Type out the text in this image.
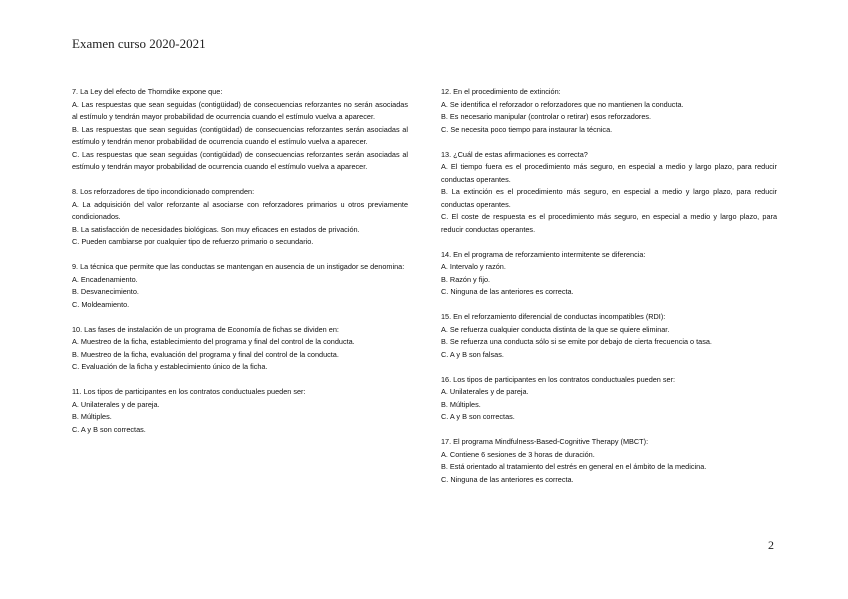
Examen curso 2020-2021

7. La Ley del efecto de Thorndike expone que:

A. Las respuestas que sean seguidas (contigüidad) de consecuencias reforzantes no serán asociadas al estímulo y tendrán mayor probabilidad de ocurrencia cuando el estímulo vuelva a aparecer.

B. Las respuestas que sean seguidas (contigüidad) de consecuencias reforzantes serán asociadas al estímulo y tendrán menor probabilidad de ocurrencia cuando el estímulo vuelva a aparecer.

C. Las respuestas que sean seguidas (contigüidad) de consecuencias reforzantes serán asociadas al estímulo y tendrán mayor probabilidad de ocurrencia cuando el estímulo vuelva a aparecer.

8. Los reforzadores de tipo incondicionado comprenden:

A. La adquisición del valor reforzante al asociarse con reforzadores primarios u otros previamente condicionados.

B. La satisfacción de necesidades biológicas. Son muy eficaces en estados de privación.

C. Pueden cambiarse por cualquier tipo de refuerzo primario o secundario.

9. La técnica que permite que las conductas se mantengan en ausencia de un instigador se denomina:

A. Encadenamiento.

B. Desvanecimiento.

C. Moldeamiento.

10. Las fases de instalación de un programa de Economía de fichas se dividen en:

A. Muestreo de la ficha, establecimiento del programa y final del control de la conducta.

B. Muestreo de la ficha, evaluación del programa y final del control de la conducta.

C. Evaluación de la ficha y establecimiento único de la ficha.

11. Los tipos de participantes en los contratos conductuales pueden ser:

A. Unilaterales y de pareja.

B. Múltiples.

C. A y B son correctas.

12. En el procedimiento de extinción:

A. Se identifica el reforzador o reforzadores que no mantienen la conducta.

B. Es necesario manipular (controlar o retirar) esos reforzadores.

C. Se necesita poco tiempo para instaurar la técnica.

13. ¿Cuál de estas afirmaciones es correcta?

A. El tiempo fuera es el procedimiento más seguro, en especial a medio y largo plazo, para reducir conductas operantes.

B. La extinción es el procedimiento más seguro, en especial a medio y largo plazo, para reducir conductas operantes.

C. El coste de respuesta es el procedimiento más seguro, en especial a medio y largo plazo, para reducir conductas operantes.

14. En el programa de reforzamiento intermitente se diferencia:

A. Intervalo y razón.

B. Razón y fijo.

C. Ninguna de las anteriores es correcta.

15. En el reforzamiento diferencial de conductas incompatibles (RDI):

A. Se refuerza cualquier conducta distinta de la que se quiere eliminar.

B. Se refuerza una conducta sólo si se emite por debajo de cierta frecuencia o tasa.

C. A y B son falsas.

16. Los tipos de participantes en los contratos conductuales pueden ser:

A. Unilaterales y de pareja.

B. Múltiples.

C. A y B son correctas.

17. El programa Mindfulness-Based-Cognitive Therapy (MBCT):

A. Contiene 6 sesiones de 3 horas de duración.

B. Está orientado al tratamiento del estrés en general en el ámbito de la medicina.

C. Ninguna de las anteriores es correcta.

2
